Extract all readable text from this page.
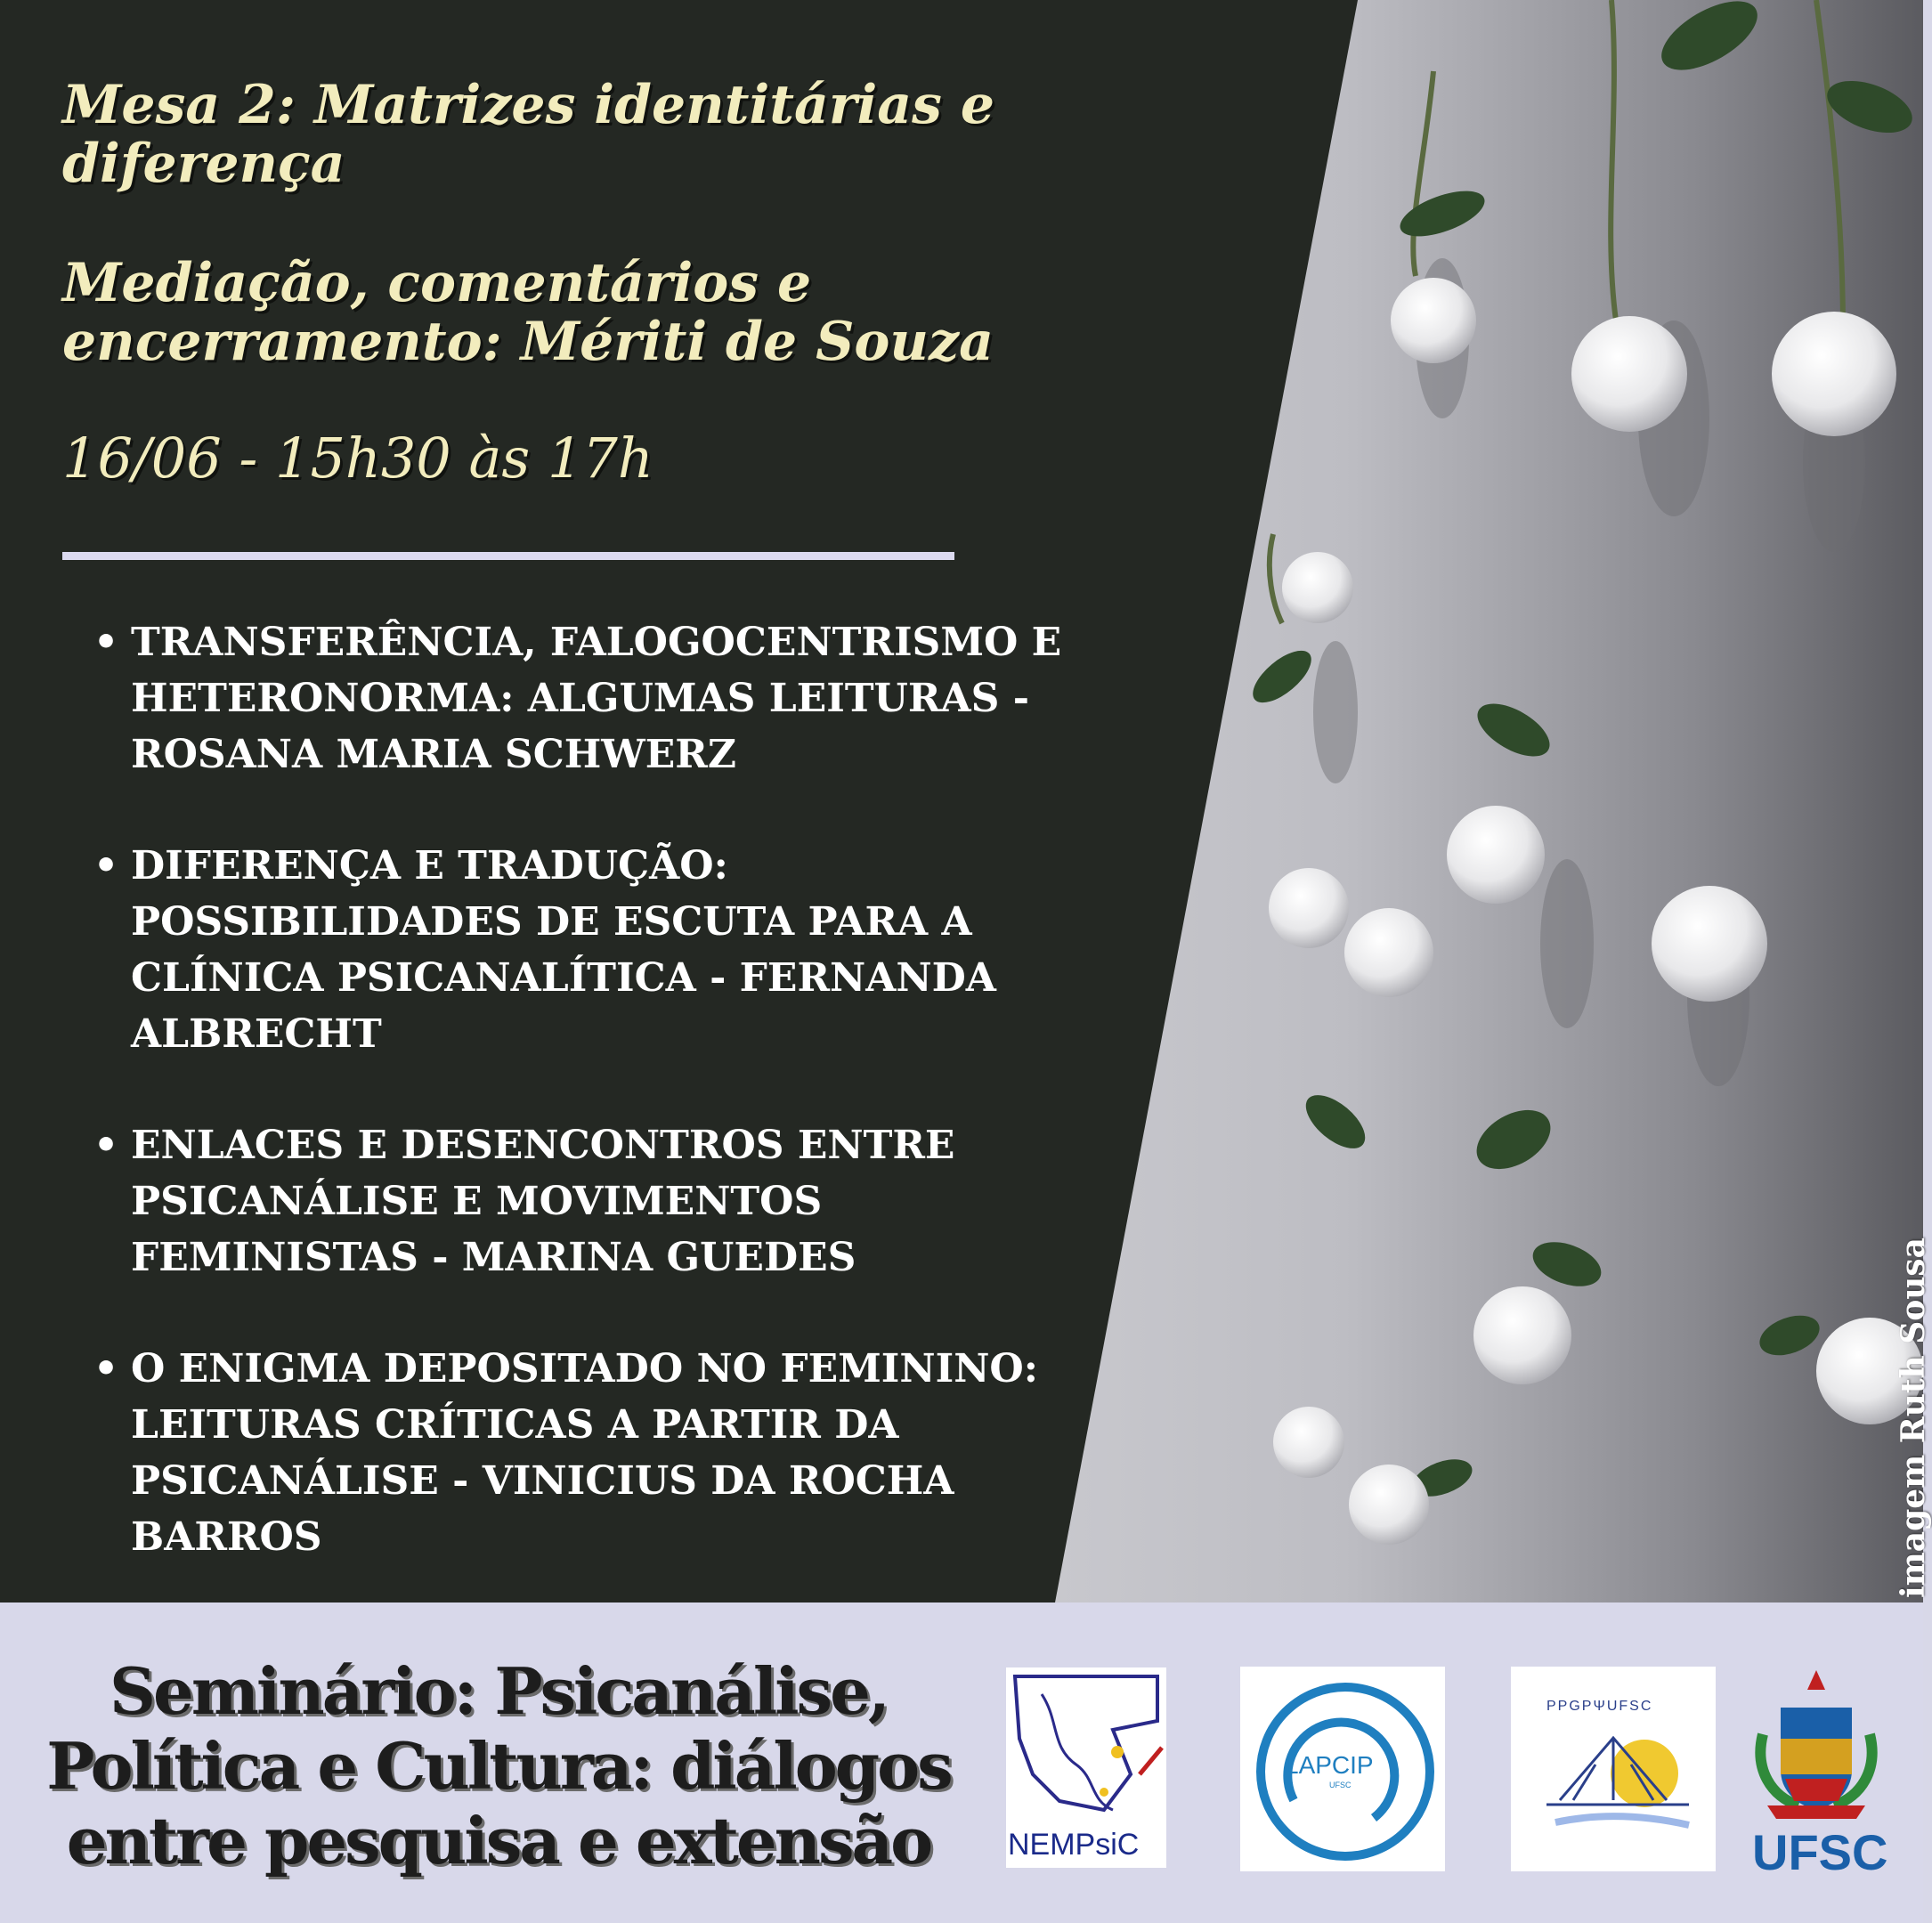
Mesa 2: Matrizes identitárias e diferença
Mediação, comentários e encerramento: Mériti de Souza
16/06 - 15h30 às 17h
• TRANSFERÊNCIA, FALOGOCENTRISMO E HETERONORMA: ALGUMAS LEITURAS - ROSANA MARIA SCHWERZ
• DIFERENÇA E TRADUÇÃO: POSSIBILIDADES DE ESCUTA PARA A CLÍNICA PSICANALÍTICA - FERNANDA ALBRECHT
• ENLACES E DESENCONTROS ENTRE PSICANÁLISE E MOVIMENTOS FEMINISTAS - MARINA GUEDES
• O ENIGMA DEPOSITADO NO FEMININO: LEITURAS CRÍTICAS A PARTIR DA PSICANÁLISE - VINICIUS DA ROCHA BARROS	imagem Ruth Sousa
Seminário: Psicanálise,
Política e Cultura: diálogos
entre pesquisa e extensão	NEMPsiC
LAPCIP
UFSC
PPGPΨUFSC
UFSC
